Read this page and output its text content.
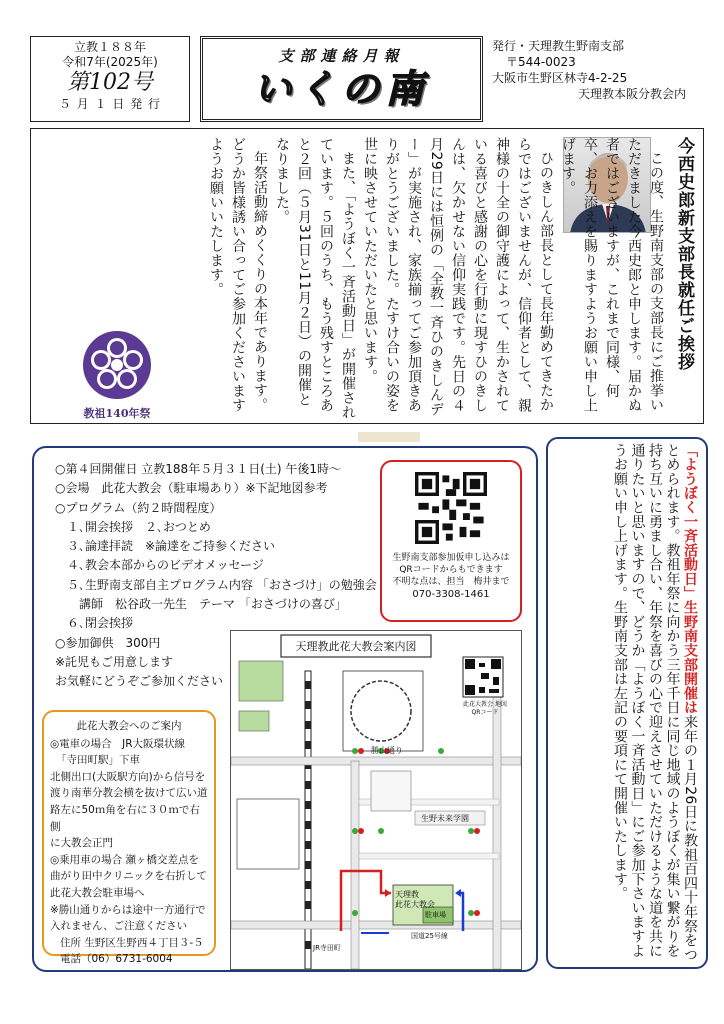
立教１８８年
令和7年(2025年)
第102号
５ 月 １ 日 発 行
支部連絡月報
いくの南
発行・天理教生野南支部
〒544-0023
大阪市生野区林寺4-2-25
天理教本阪分教会内
今西史郎新支部長就任ご挨拶

この度、生野南支部の支部長にご推挙いただきました今西史郎と申します。届かぬ者ではございますが、これまで同様、何卒、お力添えを賜りますようお願い申し上げます。

ひのきしん部長として長年勤めてきたからではございませんが、信仰者として、親神様の十全の御守護によって、生かされている喜びと感謝の心を行動に現すひのきしんは、欠かせない信仰実践です。先日の４月29日には恒例の「全教一斉ひのきしんデー」が実施され、家族揃ってご参加頂きありがとうございました。たすけ合いの姿を世に映させていただいたと思います。

また、「ようぼく一斉活動日」が開催されています。５回のうち、もう残すところあと２回（５月31日と11月２日）の開催となりました。

年祭活動締めくくりの本年であります。どうか皆様誘い合ってご参加くださいますようお願いいたします。

教祖140年祭
○第４回開催日 立教188年５月３１日(土) 午後1時～
○会場　此花大教会（駐車場あり）※下記地図参考
○プログラム（約２時間程度）
１､開会挨拶　２､おつとめ
３､論達拝読　※論達をご持参ください
４､教会本部からのビデオメッセージ
５､生野南支部自主プログラム内容 「おさづけ」の勉強会
講師　松谷政一先生　テーマ 「おさづけの喜び」
６､閉会挨拶
○参加御供　300円
※託児もご用意します
お気軽にどうぞご参加ください
生野南支部参加仮申し込みは
QRコードからもできます
不明な点は、担当　梅井まで
070-3308-1461
此花大教会へのご案内
◎電車の場合　JR大阪環状線
「寺田町駅」下車
北側出口(大阪駅方向)から信号を
渡り南華分教会横を抜けて広い道
路左に50ｍ角を右に３０ｍで右側
に大教会正門
◎乗用車の場合 瀬ヶ橋交差点を
曲がり田中クリニックを右折して
此花大教会駐車場へ
※勝山通りからは途中一方通行で
入れません、ご注意ください
住所 生野区生野西４丁目３-５
電話（06）6731-6004
天理教此花大教会案内図
此花大教会 地図
QRコード
勝山通り
生野未来学園
天理教
此花大教会
駐車場
国道25号線
JR寺田町
「ようぼく一斉活動日」生野南支部開催は来年の１月26日に教祖百四十年祭をつとめられます。教祖年祭に向かう三年千日に同じ地域のようぼくが集い繋がりを持ち互いに勇まし合い、年祭を喜びの心で迎えさせていただけるような道を共に通りたいと思いますので、どうか「ようぼく一斉活動日」にご参加下さいますようお願い申し上げます。生野南支部は左記の要項にて開催いたします。
